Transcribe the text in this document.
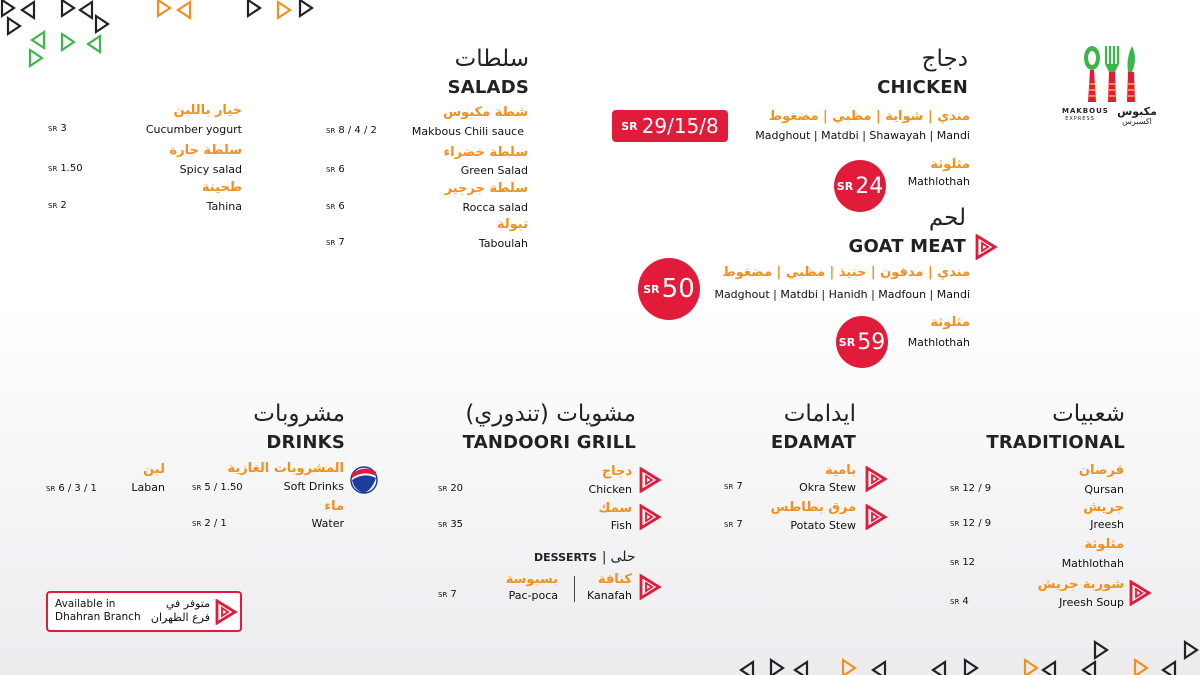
MAKBOUS
EXPRESS
مكبوس
اكسبرس
دجاج
CHICKEN
SR 29/15/8	مندي | شواية | مظبي | مضغوط
Madghout | Matdbi | Shawayah | Mandi
SR 24
مثلوثة
Mathlothah
لحم
GOAT MEAT
SR 50
مندي | مدفون | حنيذ | مظبي | مضغوط
Madghout | Matdbi | Hanidh | Madfoun | Mandi
SR 59
مثلوثة
Mathlothah
سلطات
SALADS
شطة مكبوس
Makbous Chili sauce
SR 8 / 4 / 2
سلطة خضراء
Green Salad
SR 6
سلطة جرجير
Rocca salad
SR 6
تبولة
Taboulah
SR 7
خيار باللبن
Cucumber yogurt
SR 3
سلطة حارة
Spicy salad
SR 1.50
طحينة
Tahina
SR 2
شعبيات
TRADITIONAL
قرصان
Qursan
SR 12 / 9
جريش
Jreesh
SR 12 / 9
مثلوثة
Mathlothah
SR 12
شوربة جريش
Jreesh Soup
SR 4
ايدامات
EDAMAT
بامية
Okra Stew
SR 7
مرق بطاطس
Potato Stew
SR 7
مشويات (تندوري)
TANDOORI GRILL
دجاج
Chicken
SR 20
سمك
Fish
SR 35
DESSERTS | حلى
كنافة
Kanafah
بسبوسة
Pac-poca
SR 7
مشروبات
DRINKS
المشروبات الغازية
Soft Drinks
SR 5 / 1.50
ماء
Water
SR 2 / 1
لبن
Laban
SR 6 / 3 / 1
Available in Dhahran Branch
متوفر في فرع الظهران
